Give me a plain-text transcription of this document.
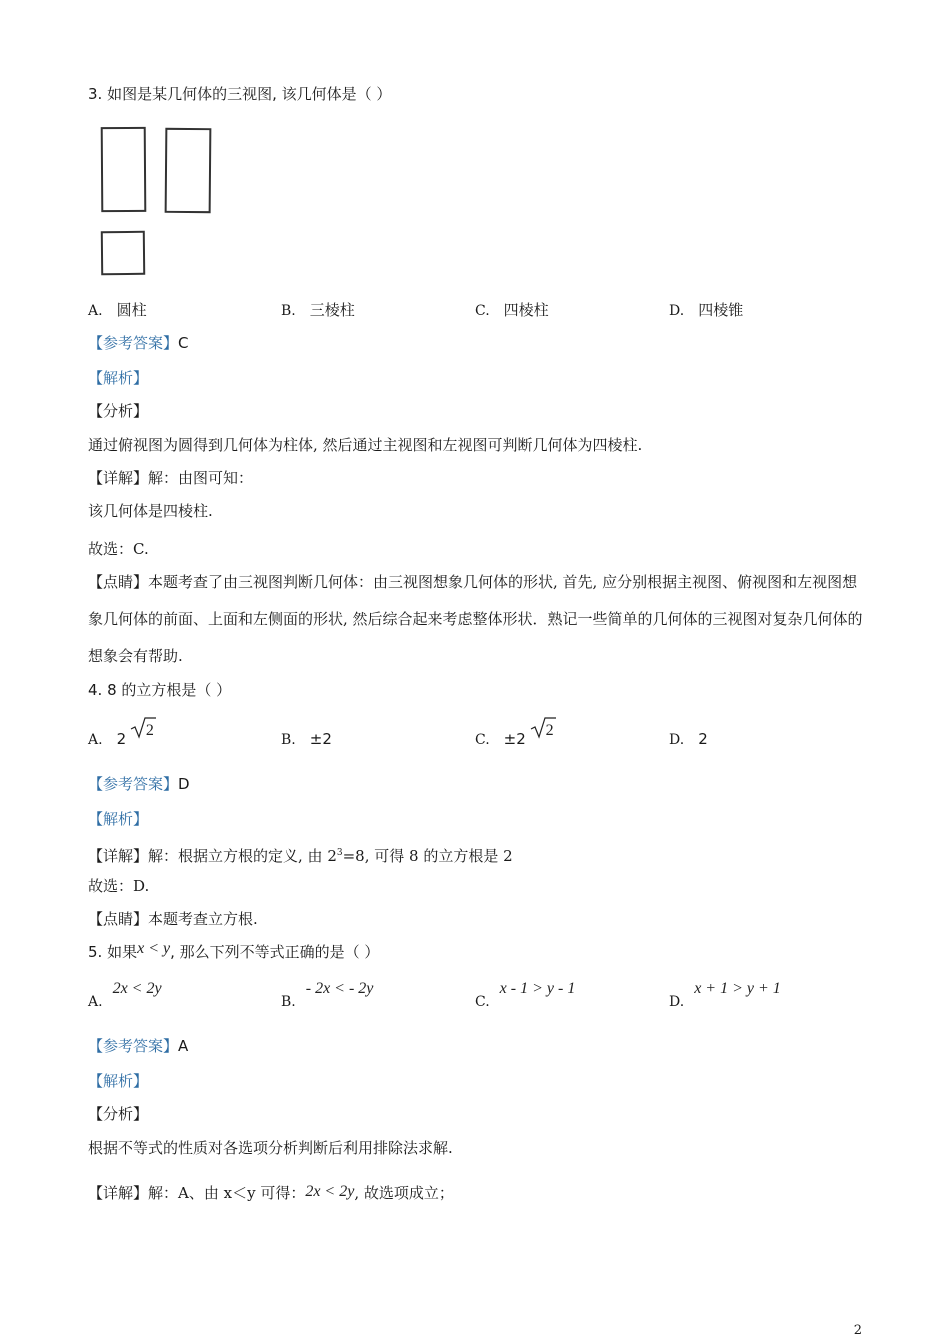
3. 如图是某几何体的三视图, 该几何体是（ ）
A. 圆柱	B. 三棱柱	C. 四棱柱	D. 四棱锥
【参考答案】C
【解析】
【分析】
通过俯视图为圆得到几何体为柱体, 然后通过主视图和左视图可判断几何体为四棱柱.
【详解】解：由图可知：
该几何体是四棱柱.
故选：C.
【点睛】本题考查了由三视图判断几何体：由三视图想象几何体的形状, 首先, 应分别根据主视图、俯视图和左视图想象几何体的前面、上面和左侧面的形状, 然后综合起来考虑整体形状．熟记一些简单的几何体的三视图对复杂几何体的想象会有帮助.
4. 8 的立方根是（ ）
A. 2 2
B. ±2	C. ±2 2
D. 2
【参考答案】D
【解析】
【详解】解：根据立方根的定义, 由 $2^3=8$, 可得 8 的立方根是 2
故选：D.
【点睛】本题考查立方根.
5. 如果x < y, 那么下列不等式正确的是（ ）
A.2x < 2y
B.- 2x < - 2y
C.x - 1 > y - 1
D.x + 1 > y + 1
【参考答案】A
【解析】
【分析】
根据不等式的性质对各选项分析判断后利用排除法求解.
【详解】解：A、由 x＜y 可得：2x < 2y, 故选项成立；
2
